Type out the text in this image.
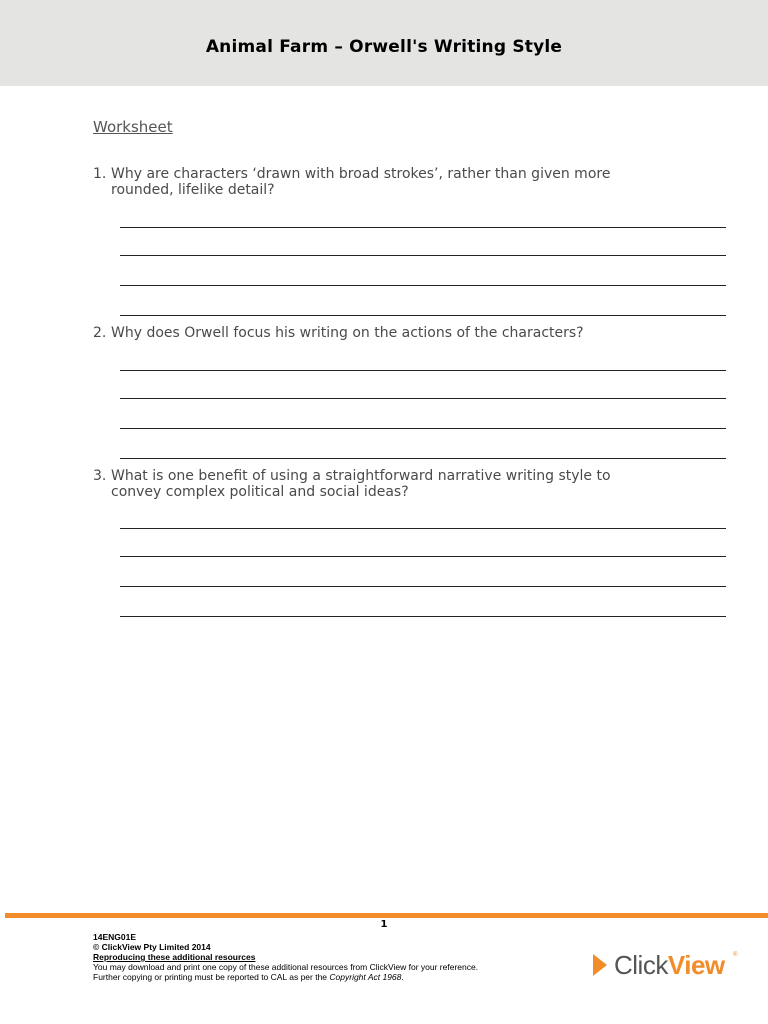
Animal Farm – Orwell's Writing Style
Worksheet
1. Why are characters ‘drawn with broad strokes’, rather than given more rounded, lifelike detail?
2. Why does Orwell focus his writing on the actions of the characters?
3. What is one benefit of using a straightforward narrative writing style to convey complex political and social ideas?
1
14ENG01E
© ClickView Pty Limited 2014
Reproducing these additional resources
You may download and print one copy of these additional resources from ClickView for your reference.
Further copying or printing must be reported to CAL as per the Copyright Act 1968.	ClickView ®
